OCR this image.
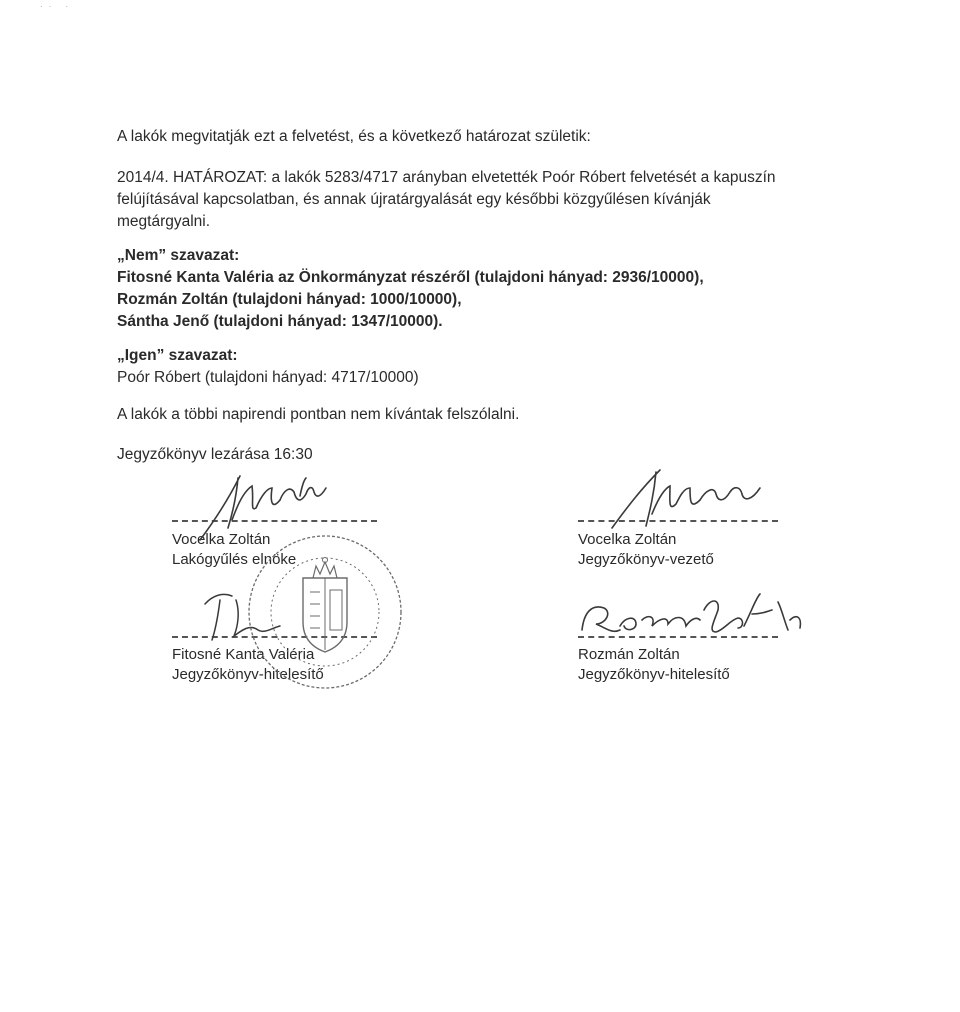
·· ·
A lakók megvitatják ezt a felvetést, és a következő határozat születik:
2014/4. HATÁROZAT: a lakók 5283/4717 arányban elvetették Poór Róbert felvetését a kapuszín
felújításával kapcsolatban, és annak újratárgyalását egy későbbi közgyűlésen kívánják
megtárgyalni.
„Nem” szavazat:
Fitosné Kanta Valéria az Önkormányzat részéről (tulajdoni hányad: 2936/10000),
Rozmán Zoltán (tulajdoni hányad: 1000/10000),
Sántha Jenő (tulajdoni hányad: 1347/10000).
„Igen” szavazat:
Poór Róbert (tulajdoni hányad: 4717/10000)
A lakók a többi napirendi pontban nem kívántak felszólalni.
Jegyzőkönyv lezárása 16:30
Vocelka Zoltán
Lakógyűlés elnöke
Vocelka Zoltán
Jegyzőkönyv-vezető
Fitosné Kanta Valéria
Jegyzőkönyv-hitelesítő
Rozmán Zoltán
Jegyzőkönyv-hitelesítő
